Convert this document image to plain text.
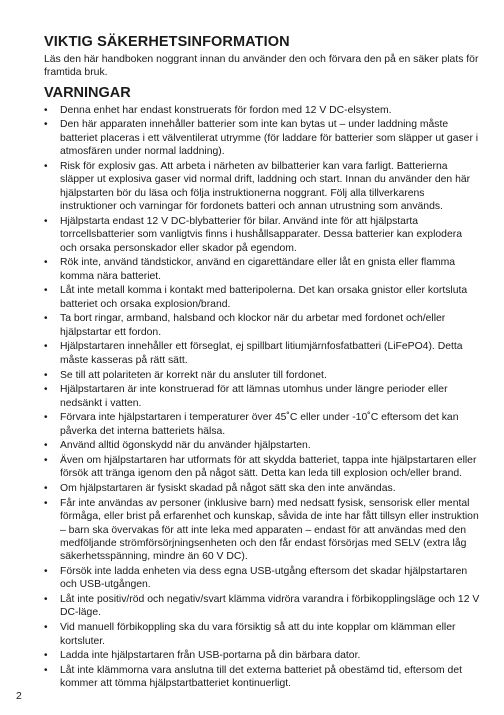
VIKTIG SÄKERHETSINFORMATION

Läs den här handboken noggrant innan du använder den och förvara den på en säker plats för framtida bruk.

VARNINGAR
•	Denna enhet har endast konstruerats för fordon med 12 V DC-elsystem.
•	Den här apparaten innehåller batterier som inte kan bytas ut – under laddning måste batteriet placeras i ett välventilerat utrymme (för laddare för batterier som släpper ut gaser i atmosfären under normal laddning).
•	Risk för explosiv gas. Att arbeta i närheten av bilbatterier kan vara farligt. Batterierna släpper ut explosiva gaser vid normal drift, laddning och start. Innan du använder den här hjälpstarten bör du läsa och följa instruktionerna noggrant. Följ alla tillverkarens instruktioner och varningar för fordonets batteri och annan utrustning som används.
•	Hjälpstarta endast 12 V DC-blybatterier för bilar. Använd inte för att hjälpstarta torrcellsbatterier som vanligtvis finns i hushållsapparater. Dessa batterier kan explodera och orsaka personskador eller skador på egendom.
•	Rök inte, använd tändstickor, använd en cigarettändare eller låt en gnista eller flamma komma nära batteriet.
•	Låt inte metall komma i kontakt med batteripolerna. Det kan orsaka gnistor eller kortsluta batteriet och orsaka explosion/brand.
•	Ta bort ringar, armband, halsband och klockor när du arbetar med fordonet och/eller hjälpstartar ett fordon.
•	Hjälpstartaren innehåller ett förseglat, ej spillbart litiumjärnfosfatbatteri (LiFePO4). Detta måste kasseras på rätt sätt.
•	Se till att polariteten är korrekt när du ansluter till fordonet.
•	Hjälpstartaren är inte konstruerad för att lämnas utomhus under längre perioder eller nedsänkt i vatten.
•	Förvara inte hjälpstartaren i temperaturer över 45˚C eller under -10˚C eftersom det kan påverka det interna batteriets hälsa.
•	Använd alltid ögonskydd när du använder hjälpstarten.
•	Även om hjälpstartaren har utformats för att skydda batteriet, tappa inte hjälpstartaren eller försök att tränga igenom den på något sätt. Detta kan leda till explosion och/eller brand.
•	Om hjälpstartaren är fysiskt skadad på något sätt ska den inte användas.
•	Får inte användas av personer (inklusive barn) med nedsatt fysisk, sensorisk eller mental förmåga, eller brist på erfarenhet och kunskap, såvida de inte har fått tillsyn eller instruktion – barn ska övervakas för att inte leka med apparaten – endast för att användas med den medföljande strömförsörjningsenheten och den får endast försörjas med SELV (extra låg säkerhetsspänning, mindre än 60 V DC).
•	Försök inte ladda enheten via dess egna USB-utgång eftersom det skadar hjälpstartaren och USB-utgången.
•	Låt inte positiv/röd och negativ/svart klämma vidröra varandra i förbikopplingsläge och 12 V DC-läge.
•	Vid manuell förbikoppling ska du vara försiktig så att du inte kopplar om klämman eller kortsluter.
•	Ladda inte hjälpstartaren från USB-portarna på din bärbara dator.
•	Låt inte klämmorna vara anslutna till det externa batteriet på obestämd tid, eftersom det kommer att tömma hjälpstartbatteriet kontinuerligt.
2
